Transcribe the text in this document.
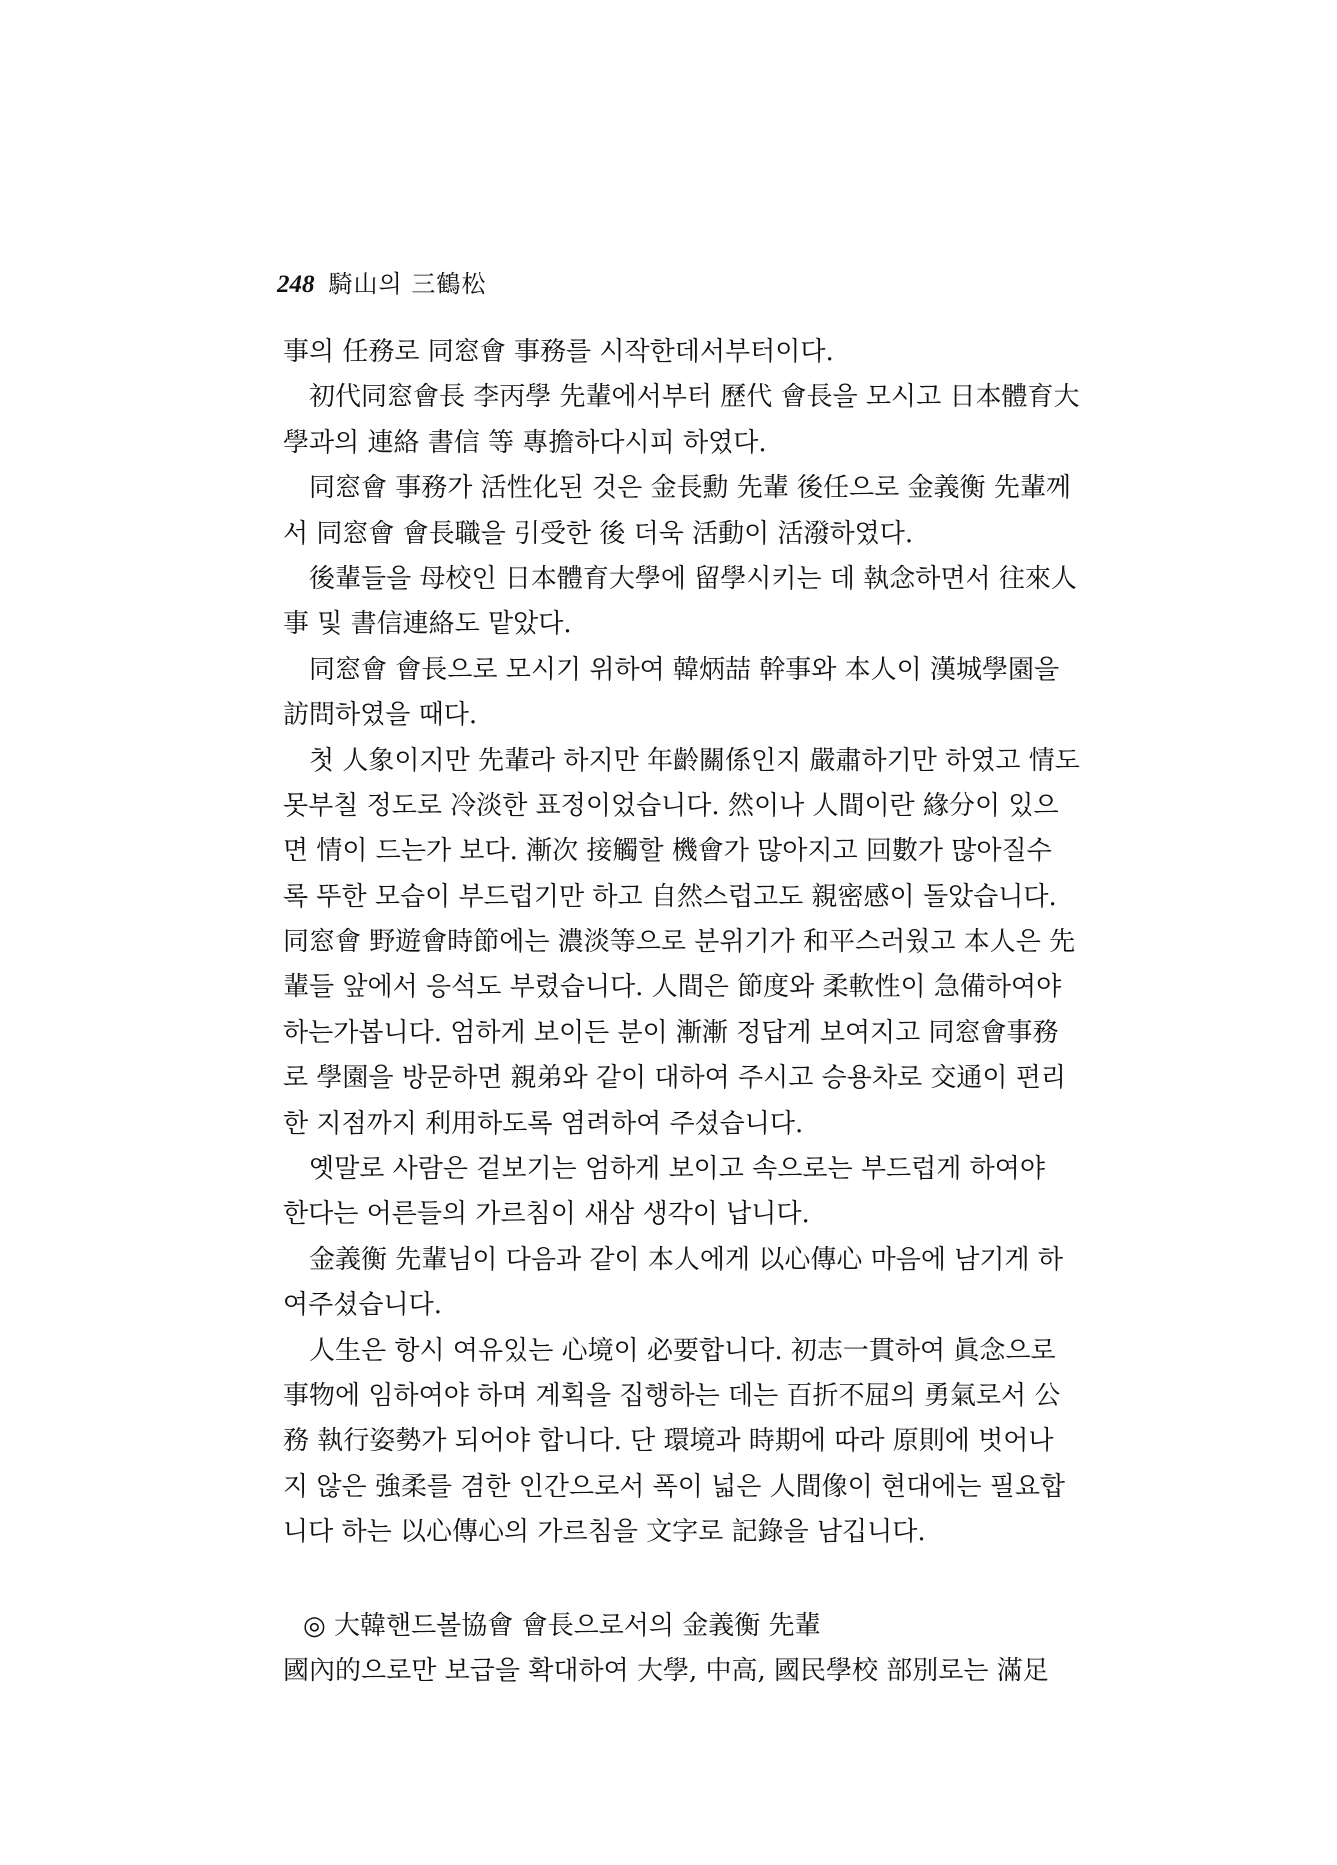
248 騎山의 三鶴松
事의 任務로 同窓會 事務를 시작한데서부터이다.
初代同窓會長 李丙學 先輩에서부터 歷代 會長을 모시고 日本體育大
學과의 連絡 書信 等 專擔하다시피 하였다.
同窓會 事務가 活性化된 것은 金長勳 先輩 後任으로 金義衡 先輩께
서 同窓會 會長職을 引受한 後 더욱 活動이 活潑하였다.
後輩들을 母校인 日本體育大學에 留學시키는 데 執念하면서 往來人
事 및 書信連絡도 맡았다.
同窓會 會長으로 모시기 위하여 韓炳喆 幹事와 本人이 漢城學園을
訪問하였을 때다.
첫 人象이지만 先輩라 하지만 年齡關係인지 嚴肅하기만 하였고 情도
못부칠 정도로 冷淡한 표정이었습니다. 然이나 人間이란 緣分이 있으
면 情이 드는가 보다. 漸次 接觸할 機會가 많아지고 回數가 많아질수
록 뚜한 모습이 부드럽기만 하고 自然스럽고도 親密感이 돌았습니다.
同窓會 野遊會時節에는 濃淡等으로 분위기가 和平스러웠고 本人은 先
輩들 앞에서 응석도 부렸습니다. 人間은 節度와 柔軟性이 急備하여야
하는가봅니다. 엄하게 보이든 분이 漸漸 정답게 보여지고 同窓會事務
로 學園을 방문하면 親弟와 같이 대하여 주시고 승용차로 交通이 편리
한 지점까지 利用하도록 염려하여 주셨습니다.
옛말로 사람은 겉보기는 엄하게 보이고 속으로는 부드럽게 하여야
한다는 어른들의 가르침이 새삼 생각이 납니다.
金義衡 先輩님이 다음과 같이 本人에게 以心傳心 마음에 남기게 하
여주셨습니다.
人生은 항시 여유있는 心境이 必要합니다. 初志一貫하여 眞念으로
事物에 임하여야 하며 계획을 집행하는 데는 百折不屈의 勇氣로서 公
務 執行姿勢가 되어야 합니다. 단 環境과 時期에 따라 原則에 벗어나
지 않은 強柔를 겸한 인간으로서 폭이 넓은 人間像이 현대에는 필요합
니다 하는 以心傳心의 가르침을 文字로 記錄을 남깁니다.
◎ 大韓핸드볼協會 會長으로서의 金義衡 先輩
國內的으로만 보급을 확대하여 大學, 中高, 國民學校 部別로는 滿足
